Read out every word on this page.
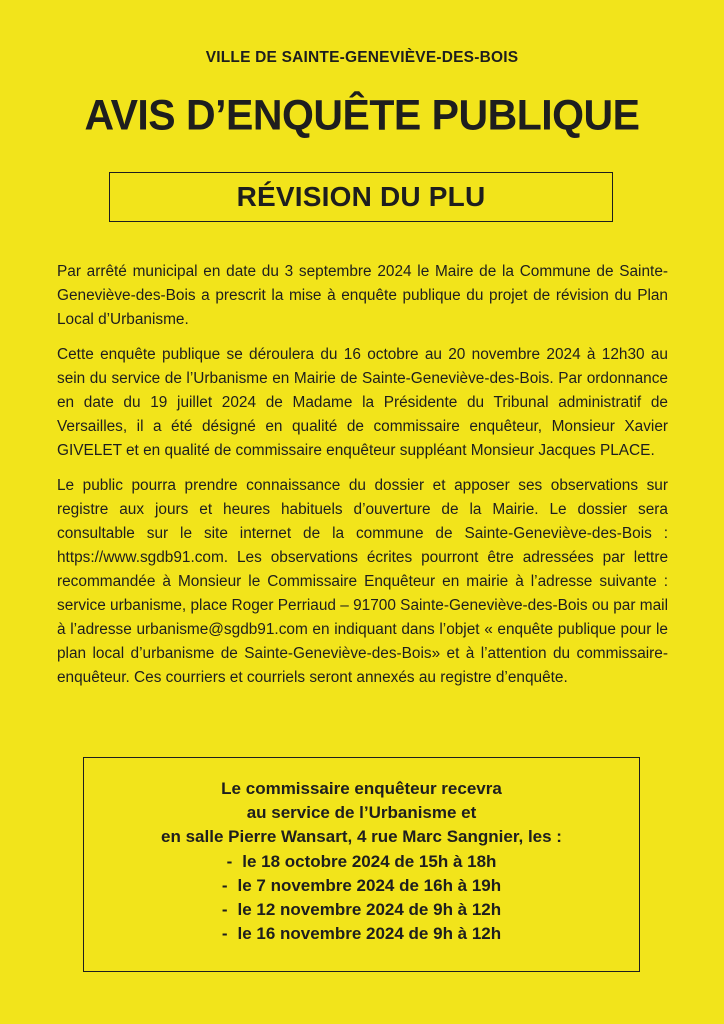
VILLE DE SAINTE-GENEVIÈVE-DES-BOIS
AVIS D’ENQUÊTE PUBLIQUE
RÉVISION DU PLU

Par arrêté municipal en date du 3 septembre 2024 le Maire de la Commune de Sainte-Geneviève-des-Bois a prescrit la mise à enquête publique du projet de révision du Plan Local d’Urbanisme.

Cette enquête publique se déroulera du 16 octobre au 20 novembre 2024 à 12h30 au sein du service de l’Urbanisme en Mairie de Sainte-Geneviève-des-Bois. Par ordonnance en date du 19 juillet 2024 de Madame la Présidente du Tribunal administratif de Versailles, il a été désigné en qualité de commissaire enquêteur, Monsieur Xavier GIVELET et en qualité de commissaire enquêteur suppléant Monsieur Jacques PLACE.

Le public pourra prendre connaissance du dossier et apposer ses observations sur registre aux jours et heures habituels d’ouverture de la Mairie. Le dossier sera consultable sur le site internet de la commune de Sainte-Geneviève-des-Bois : https://www.sgdb91.com. Les observations écrites pourront être adressées par lettre recommandée à Monsieur le Commissaire Enquêteur en mairie à l’adresse suivante : service urbanisme, place Roger Perriaud – 91700 Sainte-Geneviève-des-Bois ou par mail à l’adresse urbanisme@sgdb91.com en indiquant dans l’objet « enquête publique pour le plan local d’urbanisme de Sainte-Geneviève-des-Bois» et à l’attention du commissaire-enquêteur. Ces courriers et courriels seront annexés au registre d’enquête.

Le commissaire enquêteur recevra
au service de l’Urbanisme et
en salle Pierre Wansart, 4 rue Marc Sangnier, les :
- le 18 octobre 2024 de 15h à 18h
- le 7 novembre 2024 de 16h à 19h
- le 12 novembre 2024 de 9h à 12h
- le 16 novembre 2024 de 9h à 12h
